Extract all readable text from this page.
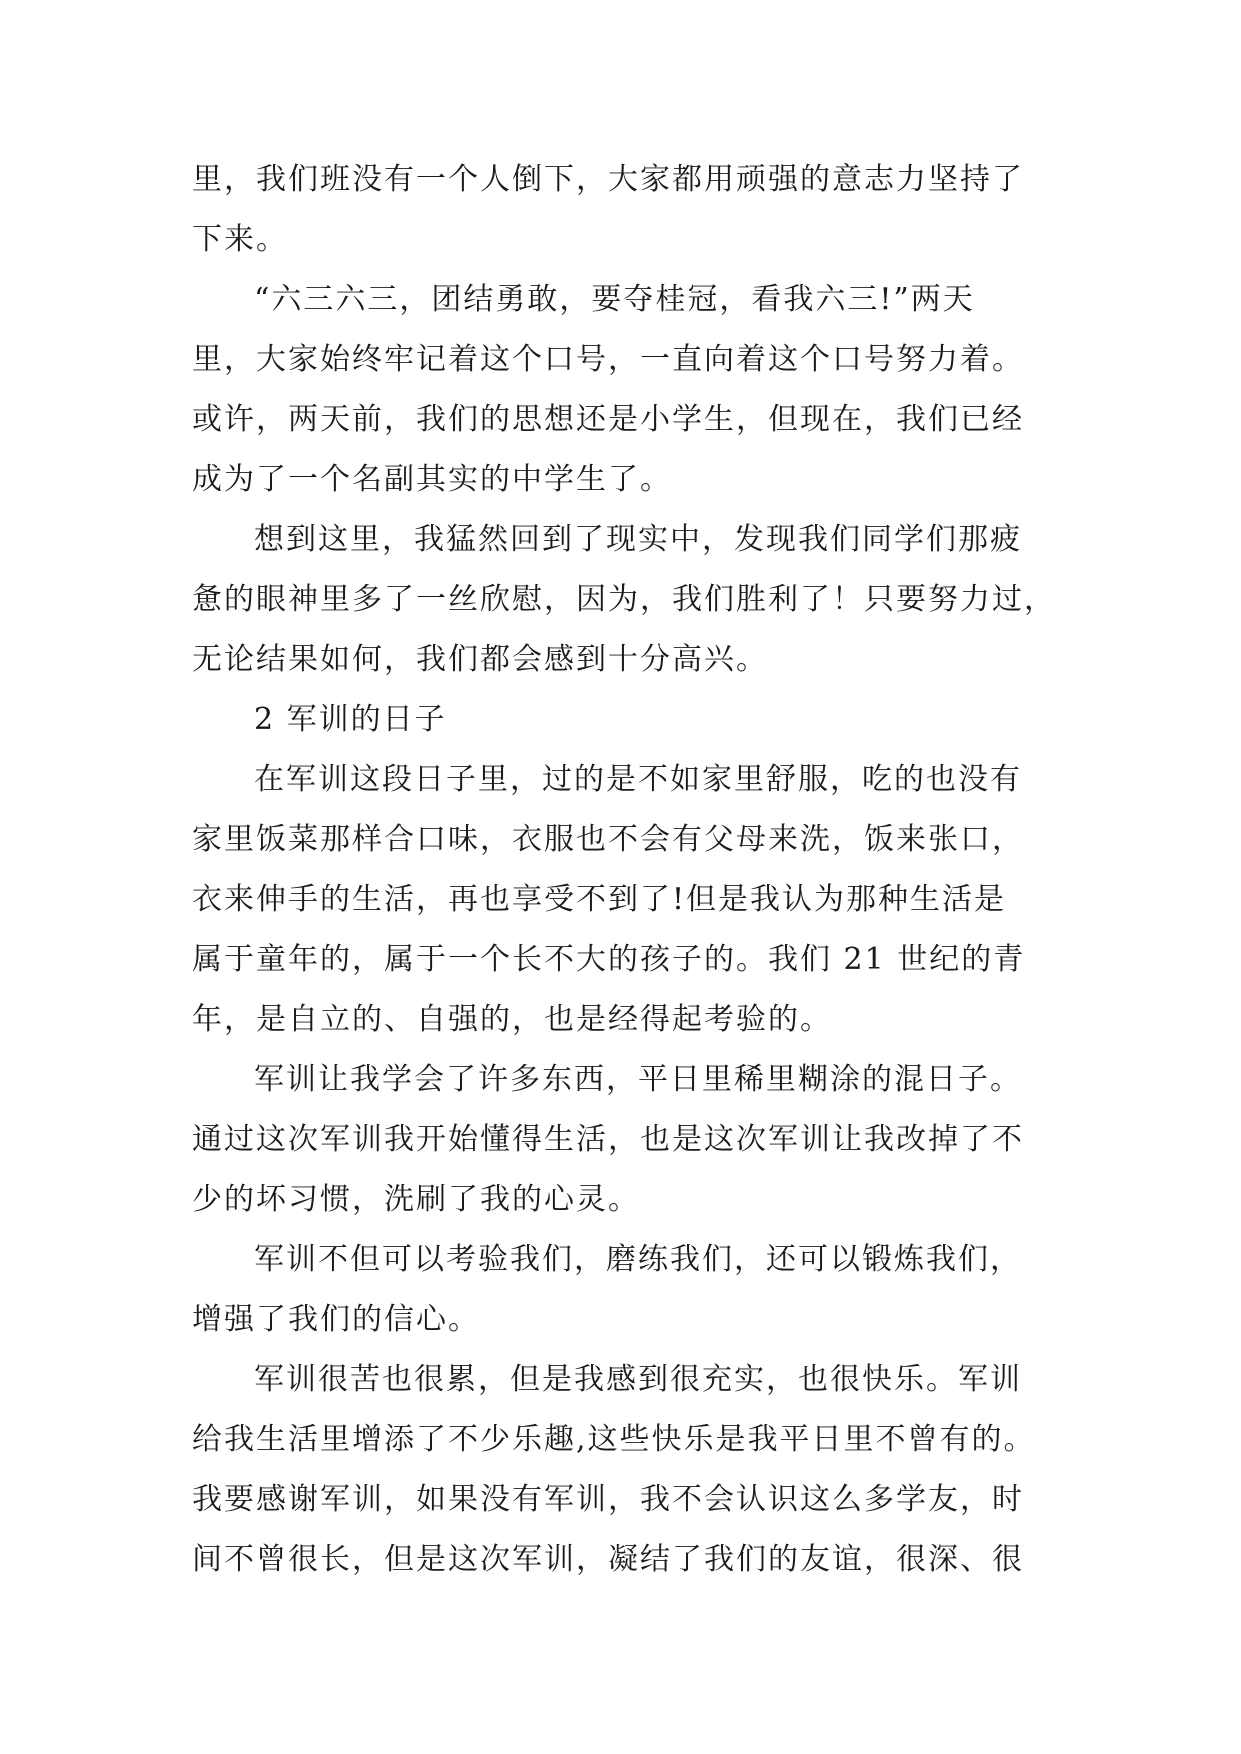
里，我们班没有一个人倒下，大家都用顽强的意志力坚持了
下来。
“六三六三，团结勇敢，要夺桂冠，看我六三!”两天
里，大家始终牢记着这个口号，一直向着这个口号努力着。
或许，两天前，我们的思想还是小学生，但现在，我们已经
成为了一个名副其实的中学生了。
想到这里，我猛然回到了现实中，发现我们同学们那疲
惫的眼神里多了一丝欣慰，因为，我们胜利了！只要努力过，
无论结果如何，我们都会感到十分高兴。
2 军训的日子
在军训这段日子里，过的是不如家里舒服，吃的也没有
家里饭菜那样合口味，衣服也不会有父母来洗，饭来张口，
衣来伸手的生活，再也享受不到了!但是我认为那种生活是
属于童年的，属于一个长不大的孩子的。我们 21 世纪的青
年，是自立的、自强的，也是经得起考验的。
军训让我学会了许多东西，平日里稀里糊涂的混日子。
通过这次军训我开始懂得生活，也是这次军训让我改掉了不
少的坏习惯，洗刷了我的心灵。
军训不但可以考验我们，磨练我们，还可以锻炼我们，
增强了我们的信心。
军训很苦也很累，但是我感到很充实，也很快乐。军训
给我生活里增添了不少乐趣,这些快乐是我平日里不曾有的。
我要感谢军训，如果没有军训，我不会认识这么多学友，时
间不曾很长，但是这次军训，凝结了我们的友谊，很深、很
